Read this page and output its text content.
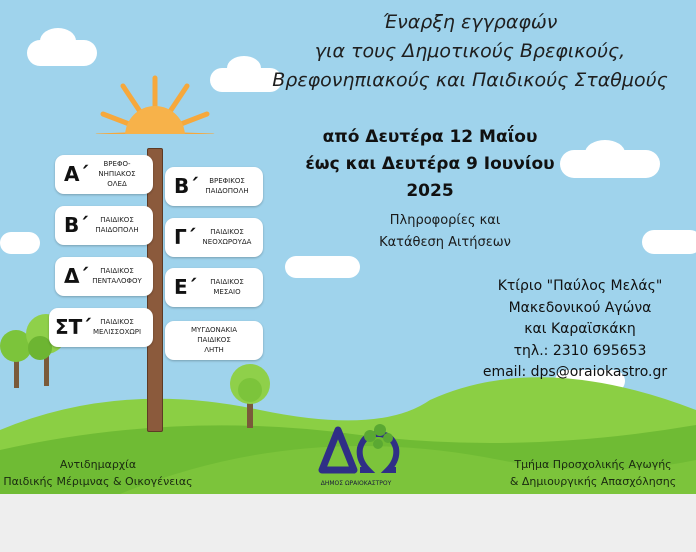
Α΄	ΒΡΕΦΟ-
ΝΗΠΙΑΚΟΣ
ΟΛΕΔ
Β΄	ΠΑΙΔΙΚΟΣ
ΠΑΙΔΟΠΟΛΗ
Δ΄	ΠΑΙΔΙΚΟΣ
ΠΕΝΤΑΛΟΦΟΥ
ΣΤ΄	ΠΑΙΔΙΚΟΣ
ΜΕΛΙΣΣΟΧΩΡΙ
Β΄	ΒΡΕΦΙΚΟΣ
ΠΑΙΔΟΠΟΛΗ
Γ΄	ΠΑΙΔΙΚΟΣ
ΝΕΟΧΩΡΟΥΔΑ
Ε΄	ΠΑΙΔΙΚΟΣ
ΜΕΣΑΙΟ
ΜΥΓΔΟΝΑΚΙΑ
ΠΑΙΔΙΚΟΣ
ΛΗΤΗ
Έναρξη εγγραφών
για τους Δημοτικούς Βρεφικούς,
Βρεφονηπιακούς και Παιδικούς Σταθμούς
από Δευτέρα 12 Μαΐου
έως και Δευτέρα 9 Ιουνίου 2025
Πληροφορίες και
Κατάθεση Αιτήσεων
Κτίριο "Παύλος Μελάς"
Μακεδονικού Αγώνα
και Καραϊσκάκη
τηλ.: 2310 695653
email: dps@oraiokastro.gr
Αντιδημαρχία
Παιδικής Μέριμνας & Οικογένειας
Τμήμα Προσχολικής Αγωγής
& Δημιουργικής Απασχόλησης
ΔΗΜΟΣ ΩΡΑΙΟΚΑΣΤΡΟΥ
